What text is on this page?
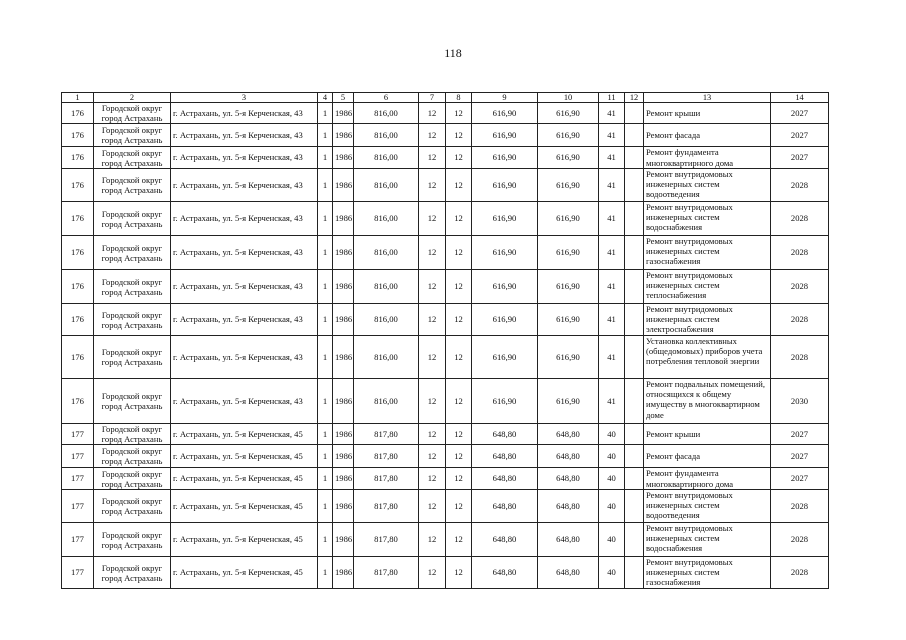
118
1	2	3	4	5	6	7	8	9	10	11	12	13	14
176	Городской округ город Астрахань	г. Астрахань, ул. 5-я Керченская, 43	1	1986	816,00	12	12	616,90	616,90	41		Ремонт крыши	2027
176	Городской округ город Астрахань	г. Астрахань, ул. 5-я Керченская, 43	1	1986	816,00	12	12	616,90	616,90	41		Ремонт фасада	2027
176	Городской округ город Астрахань	г. Астрахань, ул. 5-я Керченская, 43	1	1986	816,00	12	12	616,90	616,90	41		Ремонт фундамента многоквартирного дома	2027
176	Городской округ город Астрахань	г. Астрахань, ул. 5-я Керченская, 43	1	1986	816,00	12	12	616,90	616,90	41		Ремонт внутридомовых инженерных систем водоотведения	2028
176	Городской округ город Астрахань	г. Астрахань, ул. 5-я Керченская, 43	1	1986	816,00	12	12	616,90	616,90	41		Ремонт внутридомовых инженерных систем водоснабжения	2028
176	Городской округ город Астрахань	г. Астрахань, ул. 5-я Керченская, 43	1	1986	816,00	12	12	616,90	616,90	41		Ремонт внутридомовых инженерных систем газоснабжения	2028
176	Городской округ город Астрахань	г. Астрахань, ул. 5-я Керченская, 43	1	1986	816,00	12	12	616,90	616,90	41		Ремонт внутридомовых инженерных систем теплоснабжения	2028
176	Городской округ город Астрахань	г. Астрахань, ул. 5-я Керченская, 43	1	1986	816,00	12	12	616,90	616,90	41		Ремонт внутридомовых инженерных систем электроснабжения	2028
176	Городской округ город Астрахань	г. Астрахань, ул. 5-я Керченская, 43	1	1986	816,00	12	12	616,90	616,90	41		Установка коллективных (общедомовых) приборов учета потребления тепловой энергии	2028
176	Городской округ город Астрахань	г. Астрахань, ул. 5-я Керченская, 43	1	1986	816,00	12	12	616,90	616,90	41		Ремонт подвальных помещений, относящихся к общему имуществу в многоквартирном доме	2030
177	Городской округ город Астрахань	г. Астрахань, ул. 5-я Керченская, 45	1	1986	817,80	12	12	648,80	648,80	40		Ремонт крыши	2027
177	Городской округ город Астрахань	г. Астрахань, ул. 5-я Керченская, 45	1	1986	817,80	12	12	648,80	648,80	40		Ремонт фасада	2027
177	Городской округ город Астрахань	г. Астрахань, ул. 5-я Керченская, 45	1	1986	817,80	12	12	648,80	648,80	40		Ремонт фундамента многоквартирного дома	2027
177	Городской округ город Астрахань	г. Астрахань, ул. 5-я Керченская, 45	1	1986	817,80	12	12	648,80	648,80	40		Ремонт внутридомовых инженерных систем водоотведения	2028
177	Городской округ город Астрахань	г. Астрахань, ул. 5-я Керченская, 45	1	1986	817,80	12	12	648,80	648,80	40		Ремонт внутридомовых инженерных систем водоснабжения	2028
177	Городской округ город Астрахань	г. Астрахань, ул. 5-я Керченская, 45	1	1986	817,80	12	12	648,80	648,80	40		Ремонт внутридомовых инженерных систем газоснабжения	2028
